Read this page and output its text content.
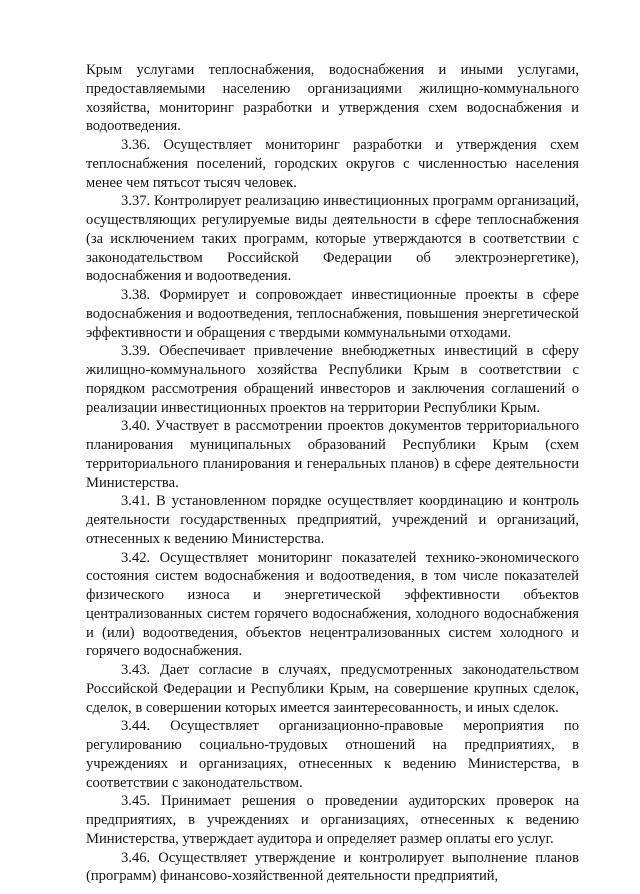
Крым услугами теплоснабжения, водоснабжения и иными услугами, предоставляемыми населению организациями жилищно-коммунального хозяйства, мониторинг разработки и утверждения схем водоснабжения и водоотведения.

3.36. Осуществляет мониторинг разработки и утверждения схем теплоснабжения поселений, городских округов с численностью населения менее чем пятьсот тысяч человек.

3.37. Контролирует реализацию инвестиционных программ организаций, осуществляющих регулируемые виды деятельности в сфере теплоснабжения (за исключением таких программ, которые утверждаются в соответствии с законодательством Российской Федерации об электроэнергетике), водоснабжения и водоотведения.

3.38. Формирует и сопровождает инвестиционные проекты в сфере водоснабжения и водоотведения, теплоснабжения, повышения энергетической эффективности и обращения с твердыми коммунальными отходами.

3.39. Обеспечивает привлечение внебюджетных инвестиций в сферу жилищно-коммунального хозяйства Республики Крым в соответствии с порядком рассмотрения обращений инвесторов и заключения соглашений о реализации инвестиционных проектов на территории Республики Крым.

3.40. Участвует в рассмотрении проектов документов территориального планирования муниципальных образований Республики Крым (схем территориального планирования и генеральных планов) в сфере деятельности Министерства.

3.41. В установленном порядке осуществляет координацию и контроль деятельности государственных предприятий, учреждений и организаций, отнесенных к ведению Министерства.

3.42. Осуществляет мониторинг показателей технико-экономического состояния систем водоснабжения и водоотведения, в том числе показателей физического износа и энергетической эффективности объектов централизованных систем горячего водоснабжения, холодного водоснабжения и (или) водоотведения, объектов нецентрализованных систем холодного и горячего водоснабжения.

3.43. Дает согласие в случаях, предусмотренных законодательством Российской Федерации и Республики Крым, на совершение крупных сделок, сделок, в совершении которых имеется заинтересованность, и иных сделок.

3.44. Осуществляет организационно-правовые мероприятия по регулированию социально-трудовых отношений на предприятиях, в учреждениях и организациях, отнесенных к ведению Министерства, в соответствии с законодательством.

3.45. Принимает решения о проведении аудиторских проверок на предприятиях, в учреждениях и организациях, отнесенных к ведению Министерства, утверждает аудитора и определяет размер оплаты его услуг.

3.46. Осуществляет утверждение и контролирует выполнение планов (программ) финансово-хозяйственной деятельности предприятий,
